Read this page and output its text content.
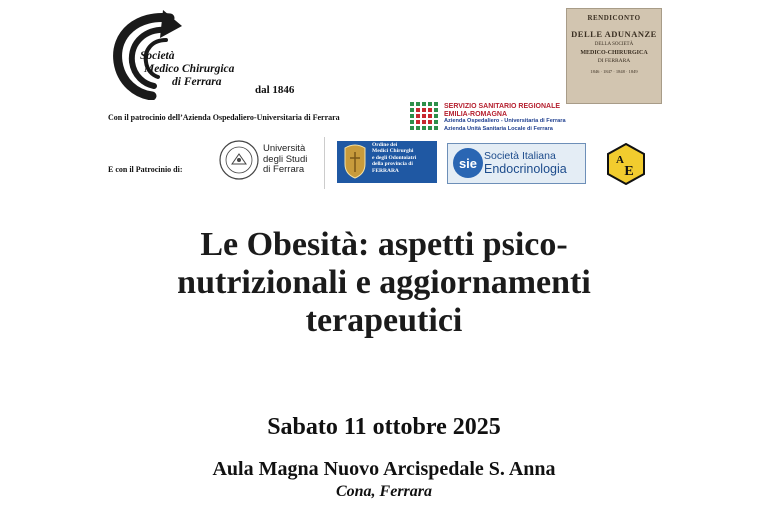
Società
Medico Chirurgica
di Ferrara
dal 1846
RENDICONTO
DELLE ADUNANZE
DELLA SOCIETÀ
MEDICO-CHIRURGICA
DI FERRARA
1846 · 1847 · 1848 · 1849
Con il patrocinio dell’Azienda Ospedaliero-Universitaria di Ferrara
SERVIZIO SANITARIO REGIONALE
EMILIA-ROMAGNA
Azienda Ospedaliero - Universitaria di Ferrara
Azienda Unità Sanitaria Locale di Ferrara
E con il Patrocinio di:
Università
degli Studi
di Ferrara
Ordine dei
Medici Chirurghi
e degli Odontoiatri
della provincia di
FERRARA	sie Società Italiana
Endocrinologia
A
E
Le Obesità: aspetti psico-
nutrizionali e aggiornamenti
terapeutici
Sabato 11 ottobre 2025
Aula Magna Nuovo Arcispedale S. Anna
Cona, Ferrara
